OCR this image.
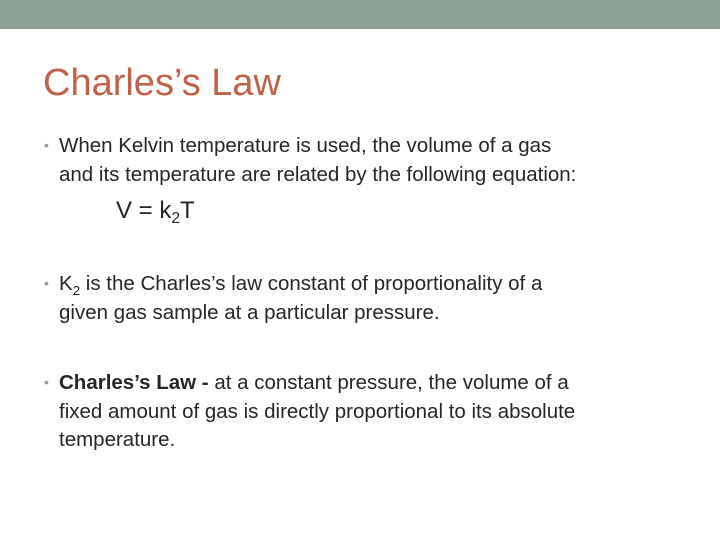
Charles’s Law
• When Kelvin temperature is used, the volume of a gas
and its temperature are related by the following equation:
$V = k_2T$
• $K_2$ is the Charles’s law constant of proportionality of a
given gas sample at a particular pressure.
• Charles’s Law - at a constant pressure, the volume of a
fixed amount of gas is directly proportional to its absolute
temperature.
